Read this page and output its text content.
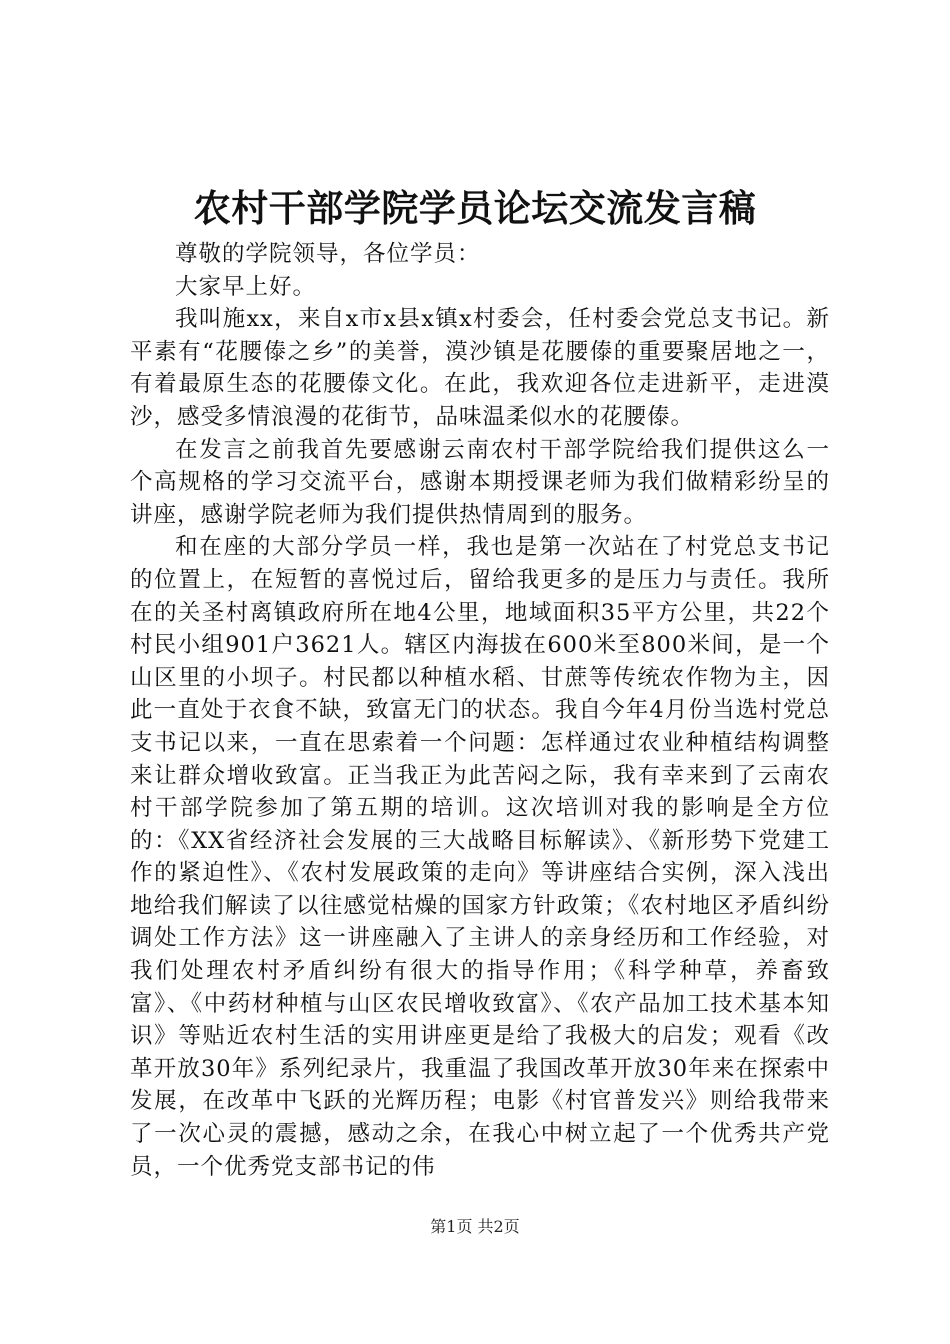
农村干部学院学员论坛交流发言稿

尊敬的学院领导，各位学员：

大家早上好。

我叫施xx，来自x市x县x镇x村委会，任村委会党总支书记。新平素有“花腰傣之乡”的美誉，漠沙镇是花腰傣的重要聚居地之一，有着最原生态的花腰傣文化。在此，我欢迎各位走进新平，走进漠沙，感受多情浪漫的花街节，品味温柔似水的花腰傣。

在发言之前我首先要感谢云南农村干部学院给我们提供这么一个高规格的学习交流平台，感谢本期授课老师为我们做精彩纷呈的讲座，感谢学院老师为我们提供热情周到的服务。

和在座的大部分学员一样，我也是第一次站在了村党总支书记的位置上，在短暂的喜悦过后，留给我更多的是压力与责任。我所在的关圣村离镇政府所在地4公里，地域面积35平方公里，共22个村民小组901户3621人。辖区内海拔在600米至800米间，是一个山区里的小坝子。村民都以种植水稻、甘蔗等传统农作物为主，因此一直处于衣食不缺，致富无门的状态。我自今年4月份当选村党总支书记以来，一直在思索着一个问题：怎样通过农业种植结构调整来让群众增收致富。正当我正为此苦闷之际，我有幸来到了云南农村干部学院参加了第五期的培训。这次培训对我的影响是全方位的：《XX省经济社会发展的三大战略目标解读》、《新形势下党建工作的紧迫性》、《农村发展政策的走向》等讲座结合实例，深入浅出地给我们解读了以往感觉枯燥的国家方针政策；《农村地区矛盾纠纷调处工作方法》这一讲座融入了主讲人的亲身经历和工作经验，对我们处理农村矛盾纠纷有很大的指导作用；《科学种草，养畜致富》、《中药材种植与山区农民增收致富》、《农产品加工技术基本知识》等贴近农村生活的实用讲座更是给了我极大的启发；观看《改革开放30年》系列纪录片，我重温了我国改革开放30年来在探索中发展，在改革中飞跃的光辉历程；电影《村官普发兴》则给我带来了一次心灵的震撼，感动之余，在我心中树立起了一个优秀共产党员，一个优秀党支部书记的伟

第1页 共2页
